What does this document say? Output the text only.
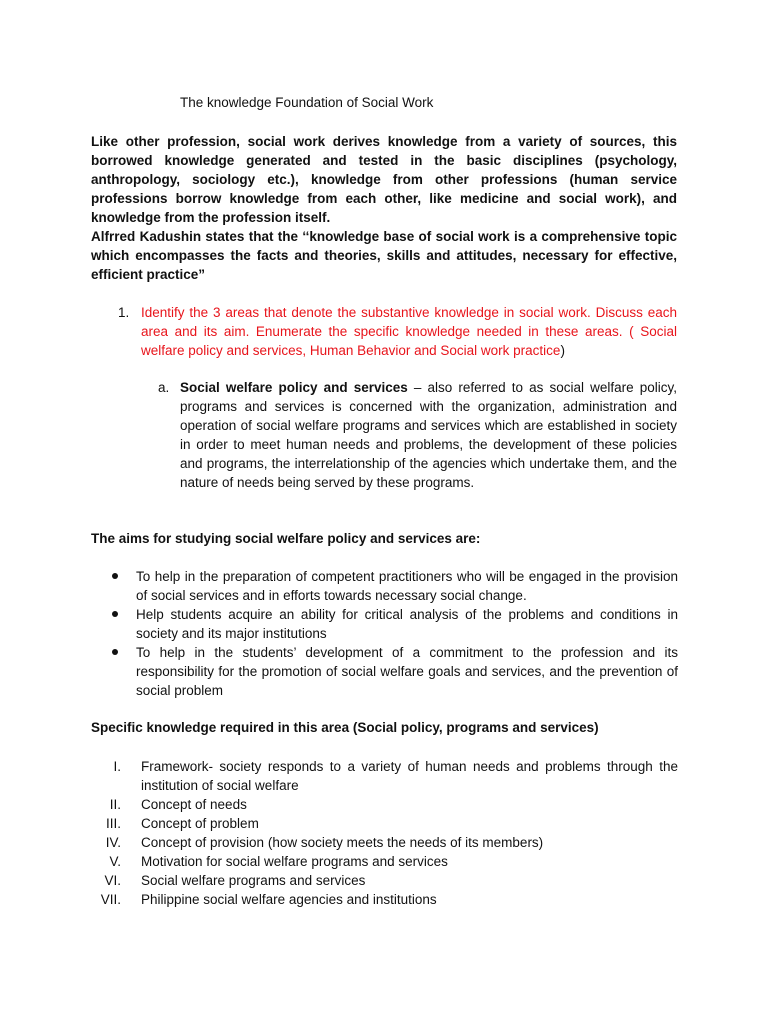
The knowledge Foundation of Social Work

Like other profession, social work derives knowledge from a variety of sources, this borrowed knowledge generated and tested in the basic disciplines (psychology, anthropology, sociology etc.), knowledge from other professions (human service professions borrow knowledge from each other, like medicine and social work), and knowledge from the profession itself.

Alfrred Kadushin states that the ‘‘knowledge base of social work is a comprehensive topic which encompasses the facts and theories, skills and attitudes, necessary for effective, efficient practice”

1. Identify the 3 areas that denote the substantive knowledge in social work. Discuss each area and its aim. Enumerate the specific knowledge needed in these areas. ( Social welfare policy and services, Human Behavior and Social work practice)

a. Social welfare policy and services – also referred to as social welfare policy, programs and services is concerned with the organization, administration and operation of social welfare programs and services which are established in society in order to meet human needs and problems, the development of these policies and programs, the interrelationship of the agencies which undertake them, and the nature of needs being served by these programs.

The aims for studying social welfare policy and services are:

To help in the preparation of competent practitioners who will be engaged in the provision of social services and in efforts towards necessary social change.
Help students acquire an ability for critical analysis of the problems and conditions in society and its major institutions
To help in the students’ development of a commitment to the profession and its responsibility for the promotion of social welfare goals and services, and the prevention of social problem

Specific knowledge required in this area (Social policy, programs and services)

I. Framework- society responds to a variety of human needs and problems through the institution of social welfare
II. Concept of needs
III. Concept of problem
IV. Concept of provision (how society meets the needs of its members)
V. Motivation for social welfare programs and services
VI. Social welfare programs and services
VII. Philippine social welfare agencies and institutions
